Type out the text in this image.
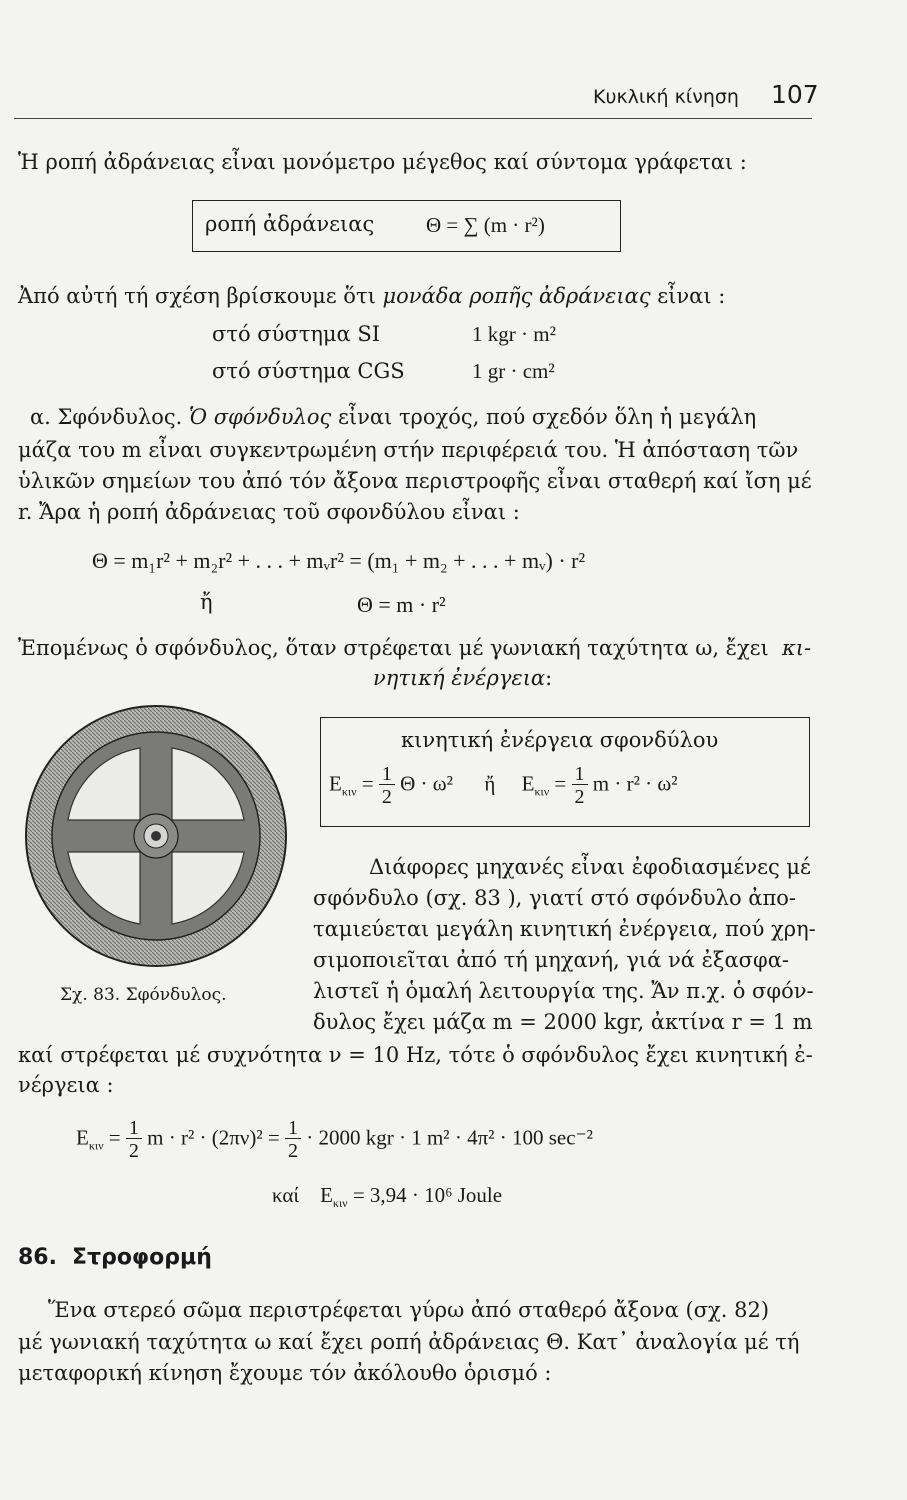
Κυκλική κίνηση 107
Ἡ ροπή ἀδράνειας εἶναι μονόμετρο μέγεθος καί σύντομα γράφεται :
ροπή ἀδράνειας Θ = ∑ (m · r²)
Ἀπό αὐτή τή σχέση βρίσκουμε ὅτι μονάδα ροπῆς ἀδράνειας εἶναι :
στό σύστημα SI	1 kgr · m²
στό σύστημα CGS	1 gr · cm²
α. Σφόνδυλος. Ὁ σφόνδυλος εἶναι τροχός, πού σχεδόν ὅλη ἡ μεγάλη
μάζα του m εἶναι συγκεντρωμένη στήν περιφέρειά του. Ἡ ἀπόσταση τῶν
ὑλικῶν σημείων του ἀπό τόν ἄξονα περιστροφῆς εἶναι σταθερή καί ἴση μέ
r. Ἄρα ἡ ροπή ἀδράνειας τοῦ σφονδύλου εἶναι :
Θ = m₁r² + m₂r² + . . . + mᵥr² = (m₁ + m₂ + . . . + mᵥ) · r²
ἤ	Θ = m · r²
Ἐπομένως ὁ σφόνδυλος, ὅταν στρέφεται μέ γωνιακή ταχύτητα ω, ἔχει κι-
νητική ἐνέργεια:
κινητική ἐνέργεια σφονδύλου
$E_{\kappa\iota\nu} = \frac{1}{2}$ Θ · ω² ἤ $E_{\kappa\iota\nu} = \frac{1}{2}$ m · r² · ω²
Διάφορες μηχανές εἶναι ἐφοδιασμένες μέ
σφόνδυλο (σχ. 83 ), γιατί στό σφόνδυλο ἀπο-
ταμιεύεται μεγάλη κινητική ἐνέργεια, πού χρη-
σιμοποιεῖται ἀπό τή μηχανή, γιά νά ἐξασφα-
Σχ. 83. Σφόνδυλος.	λιστεῖ ἡ ὁμαλή λειτουργία της. Ἄν π.χ. ὁ σφόν-
δυλος ἔχει μάζα m = 2000 kgr, ἀκτίνα r = 1 m
καί στρέφεται μέ συχνότητα ν = 10 Hz, τότε ὁ σφόνδυλος ἔχει κινητική ἐ-
νέργεια :
$E_{\kappa\iota\nu} = \frac{1}{2}$ $m \cdot r^2 \cdot (2\pi\nu)^2 = \frac{1}{2} \cdot 2000$ kgr · 1 m² · 4π² · 100 sec⁻²
καί $E_{\kappa\iota\nu} = 3,94 \cdot 10^6$ Joule
86. Στροφορμή
Ἕνα στερεό σῶμα περιστρέφεται γύρω ἀπό σταθερό ἄξονα (σχ. 82)
μέ γωνιακή ταχύτητα ω καί ἔχει ροπή ἀδράνειας Θ. Κατ᾿ ἀναλογία μέ τή
μεταφορική κίνηση ἔχουμε τόν ἀκόλουθο ὁρισμό :
